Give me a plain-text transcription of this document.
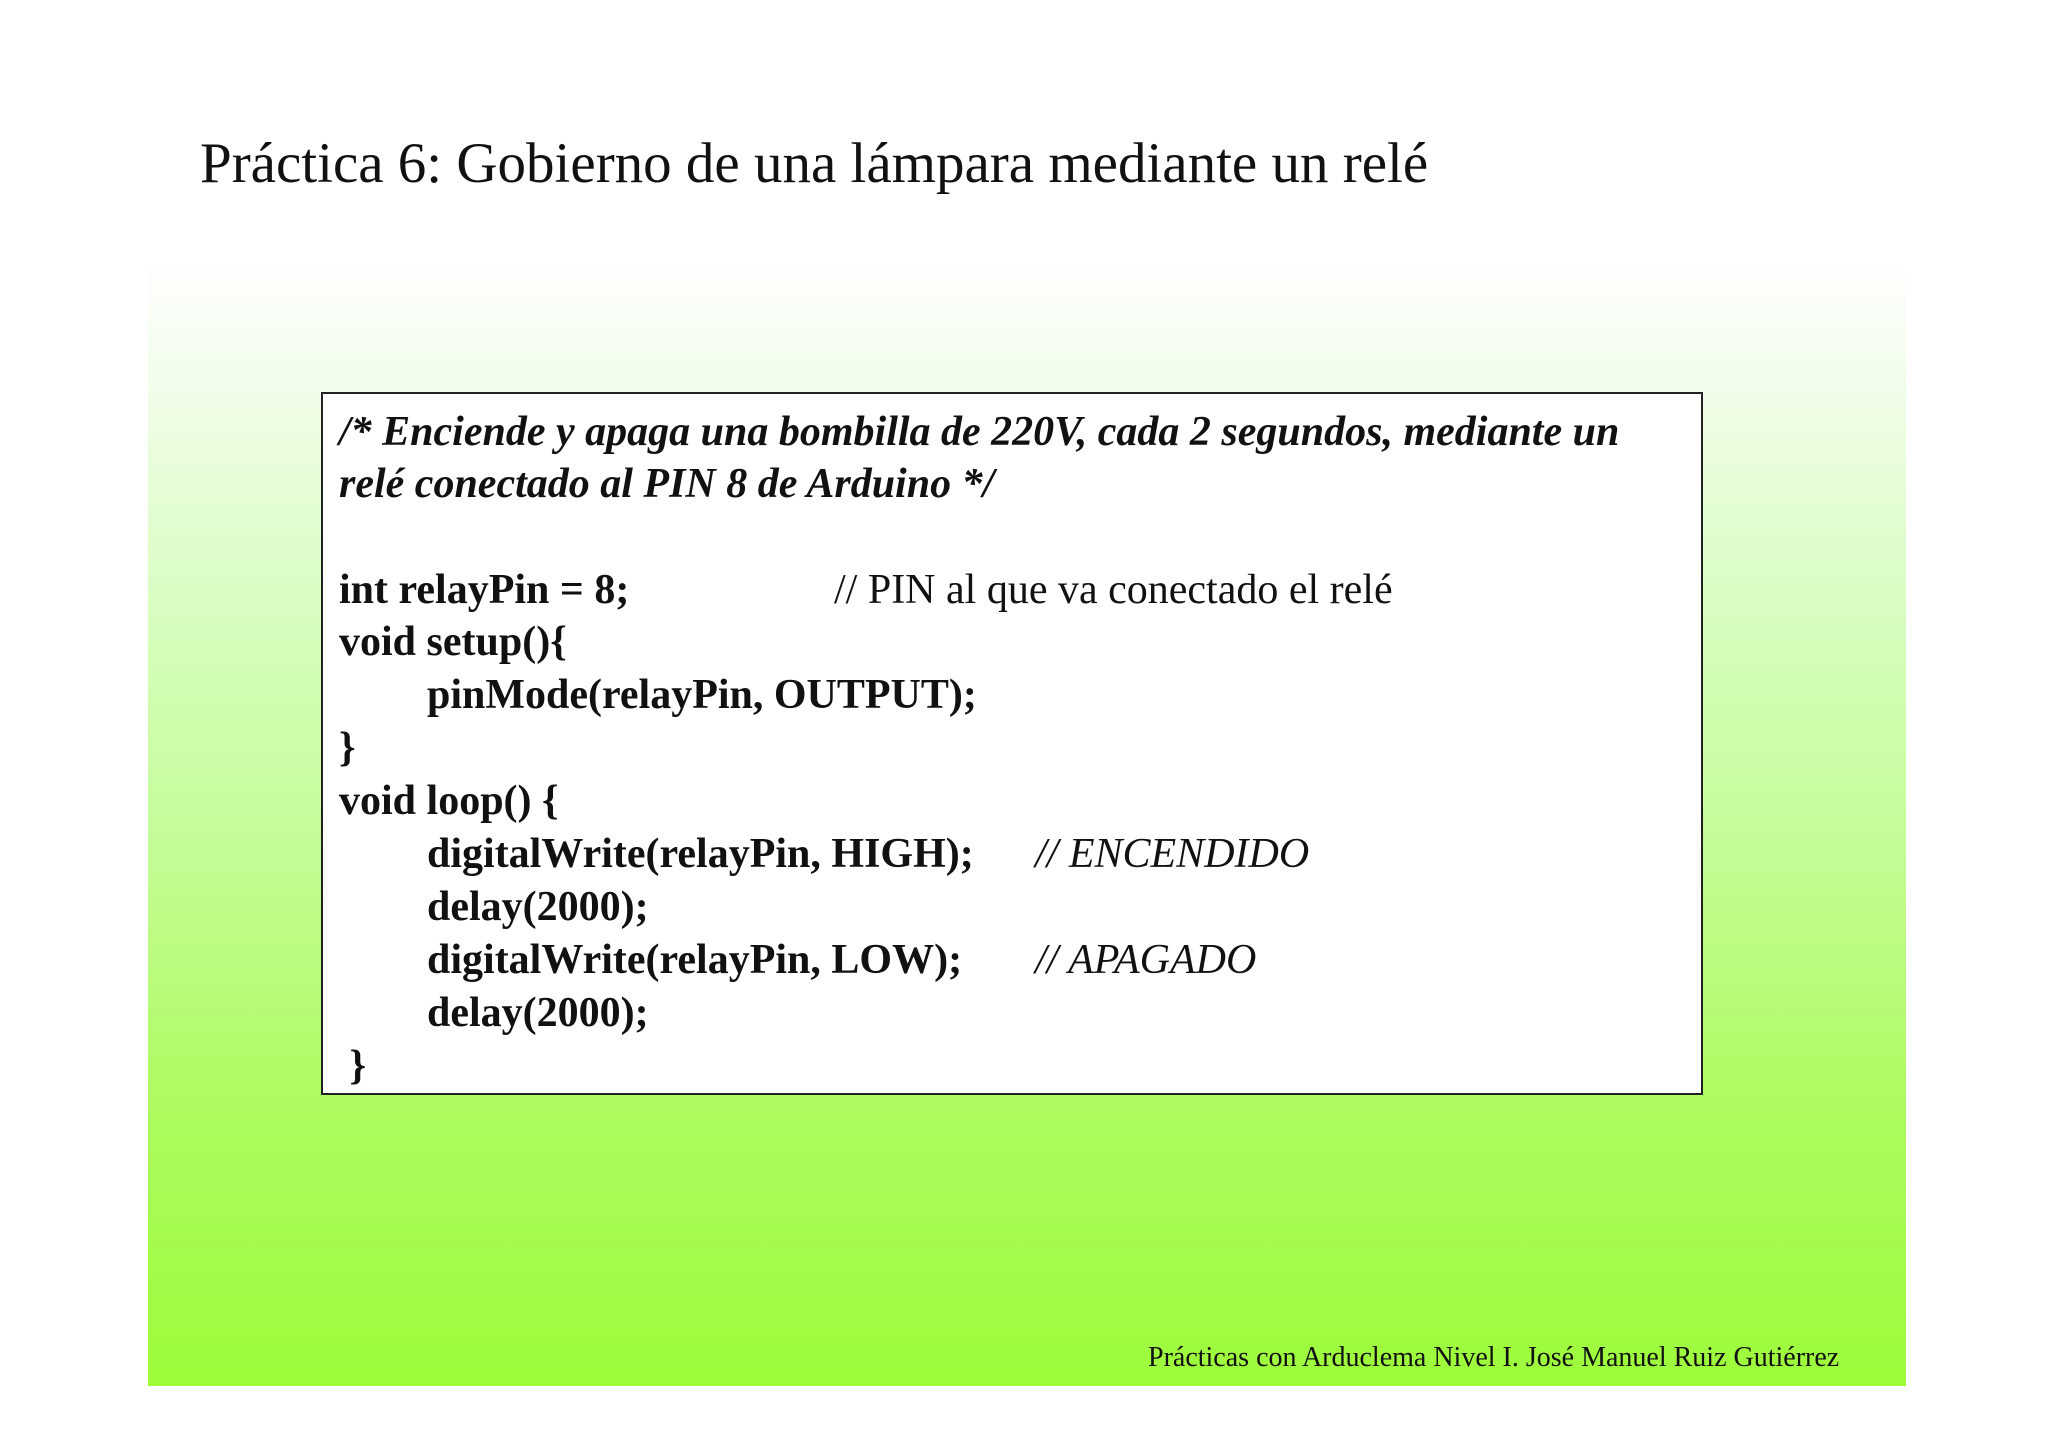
Práctica 6: Gobierno de una lámpara mediante un relé
/* Enciende y apaga una bombilla de 220V, cada 2 segundos, mediante un
relé conectado al PIN 8 de Arduino */
int relayPin = 8;	// PIN al que va conectado el relé
void setup(){
pinMode(relayPin, OUTPUT);
}
void loop() {
digitalWrite(relayPin, HIGH); // ENCENDIDO
delay(2000);
digitalWrite(relayPin, LOW); // APAGADO
delay(2000);
}
Prácticas con Arduclema Nivel I. José Manuel Ruiz Gutiérrez
